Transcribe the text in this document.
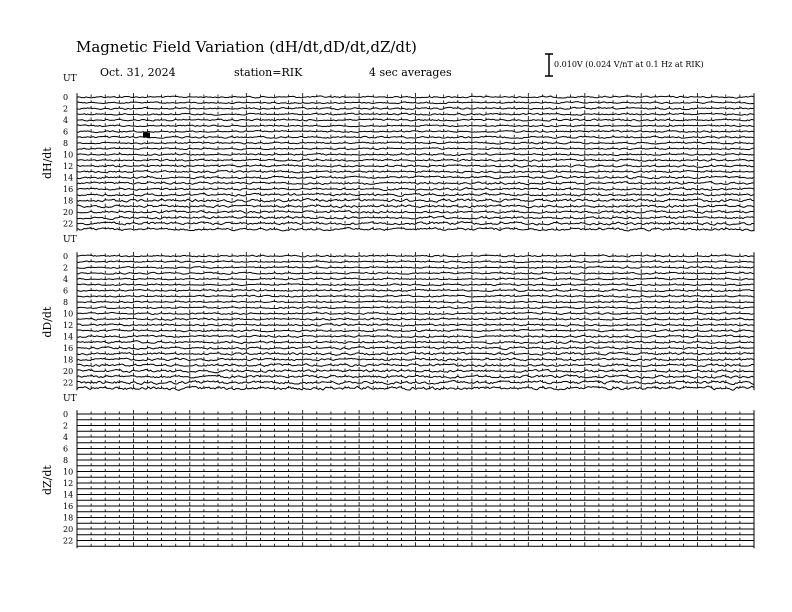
Magnetic Field Variation (dH/dt,dD/dt,dZ/dt)
Oct. 31, 2024	station=RIK	4 sec averages
0.010V (0.024 V/nT at 0.1 Hz at RIK)
UT
dH/dt
0
2
4
6
8
10
12
14
16
18
20
22
UT
dD/dt
0
2
4
6
8
10
12
14
16
18
20
22
UT
dZ/dt
0
2
4
6
8
10
12
14
16
18
20
22
